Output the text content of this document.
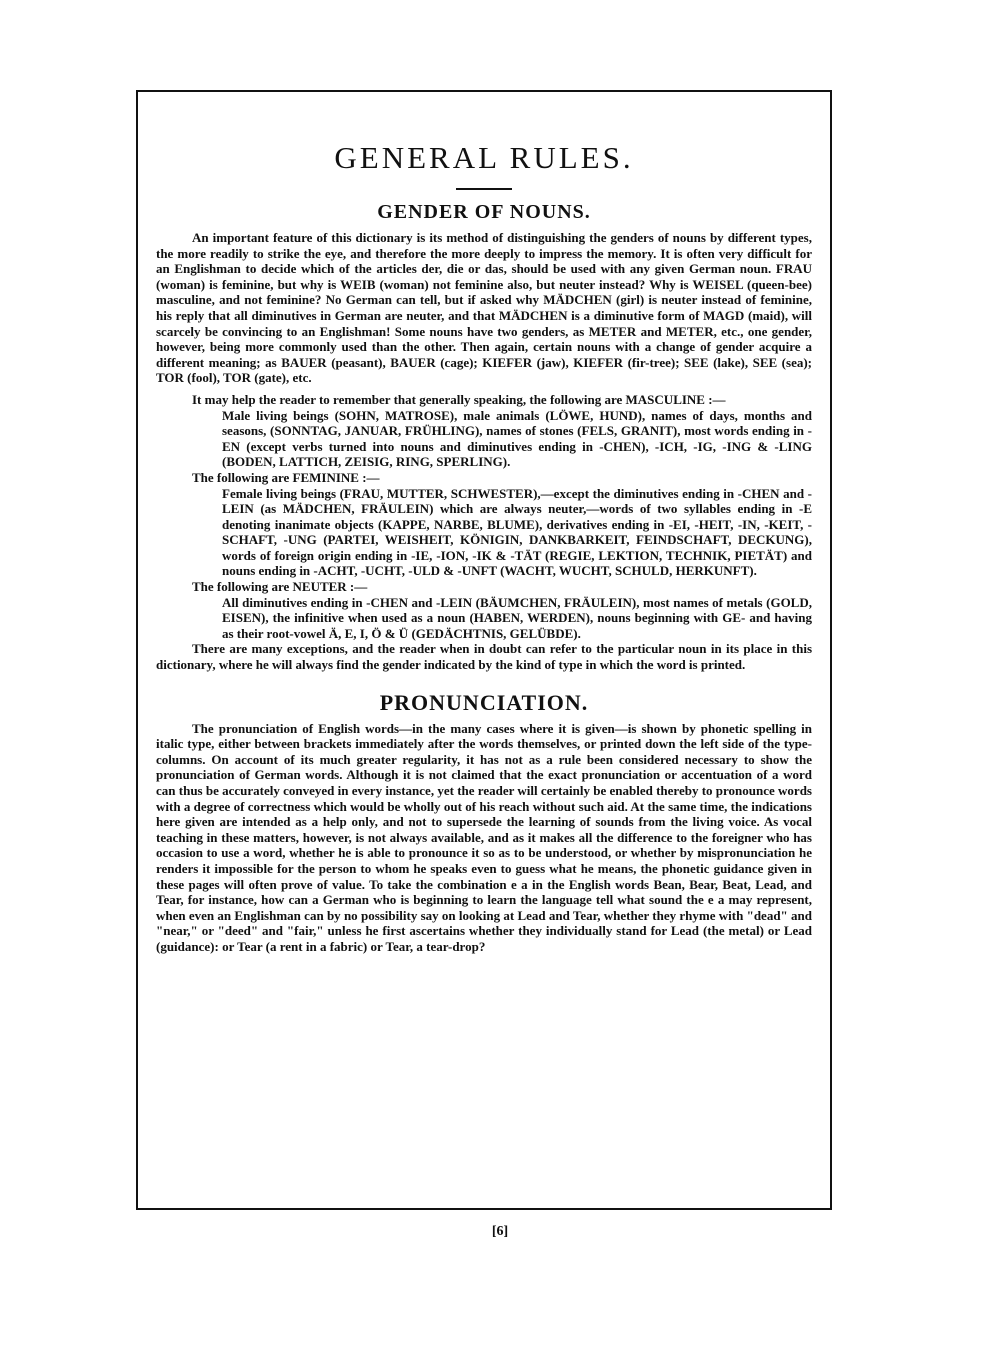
GENERAL RULES.
GENDER OF NOUNS.

An important feature of this dictionary is its method of distinguishing the genders of nouns by different types, the more readily to strike the eye, and therefore the more deeply to impress the memory. It is often very difficult for an Englishman to decide which of the articles der, die or das, should be used with any given German noun. FRAU (woman) is feminine, but why is WEIB (woman) not feminine also, but neuter instead? Why is WEISEL (queen-bee) masculine, and not feminine? No German can tell, but if asked why MÄDCHEN (girl) is neuter instead of feminine, his reply that all diminutives in German are neuter, and that MÄDCHEN is a diminutive form of MAGD (maid), will scarcely be convincing to an Englishman! Some nouns have two genders, as METER and METER, etc., one gender, however, being more commonly used than the other. Then again, certain nouns with a change of gender acquire a different meaning; as BAUER (peasant), BAUER (cage); KIEFER (jaw), KIEFER (fir-tree); SEE (lake), SEE (sea); TOR (fool), TOR (gate), etc.

It may help the reader to remember that generally speaking, the following are MASCULINE :—

Male living beings (SOHN, MATROSE), male animals (LÖWE, HUND), names of days, months and seasons, (SONNTAG, JANUAR, FRÜHLING), names of stones (FELS, GRANIT), most words ending in -EN (except verbs turned into nouns and diminutives ending in -CHEN), -ICH, -IG, -ING & -LING (BODEN, LATTICH, ZEISIG, RING, SPERLING).

The following are FEMININE :—

Female living beings (FRAU, MUTTER, SCHWESTER),—except the diminutives ending in -CHEN and -LEIN (as MÄDCHEN, FRÄULEIN) which are always neuter,—words of two syllables ending in -E denoting inanimate objects (KAPPE, NARBE, BLUME), derivatives ending in -EI, -HEIT, -IN, -KEIT, -SCHAFT, -UNG (PARTEI, WEISHEIT, KÖNIGIN, DANKBARKEIT, FEINDSCHAFT, DECKUNG), words of foreign origin ending in -IE, -ION, -IK & -TÄT (REGIE, LEKTION, TECHNIK, PIETÄT) and nouns ending in -ACHT, -UCHT, -ULD & -UNFT (WACHT, WUCHT, SCHULD, HERKUNFT).

The following are NEUTER :—

All diminutives ending in -CHEN and -LEIN (BÄUMCHEN, FRÄULEIN), most names of metals (GOLD, EISEN), the infinitive when used as a noun (HABEN, WERDEN), nouns beginning with GE- and having as their root-vowel Ä, E, I, Ö & Ü (GEDÄCHTNIS, GELÜBDE).

There are many exceptions, and the reader when in doubt can refer to the particular noun in its place in this dictionary, where he will always find the gender indicated by the kind of type in which the word is printed.

PRONUNCIATION.

The pronunciation of English words—in the many cases where it is given—is shown by phonetic spelling in italic type, either between brackets immediately after the words themselves, or printed down the left side of the type-columns. On account of its much greater regularity, it has not as a rule been considered necessary to show the pronunciation of German words. Although it is not claimed that the exact pronunciation or accentuation of a word can thus be accurately conveyed in every instance, yet the reader will certainly be enabled thereby to pronounce words with a degree of correctness which would be wholly out of his reach without such aid. At the same time, the indications here given are intended as a help only, and not to supersede the learning of sounds from the living voice. As vocal teaching in these matters, however, is not always available, and as it makes all the difference to the foreigner who has occasion to use a word, whether he is able to pronounce it so as to be understood, or whether by mispronunciation he renders it impossible for the person to whom he speaks even to guess what he means, the phonetic guidance given in these pages will often prove of value. To take the combination e a in the English words Bean, Bear, Beat, Lead, and Tear, for instance, how can a German who is beginning to learn the language tell what sound the e a may represent, when even an Englishman can by no possibility say on looking at Lead and Tear, whether they rhyme with "dead" and "near," or "deed" and "fair," unless he first ascertains whether they individually stand for Lead (the metal) or Lead (guidance): or Tear (a rent in a fabric) or Tear, a tear-drop?

[6]
